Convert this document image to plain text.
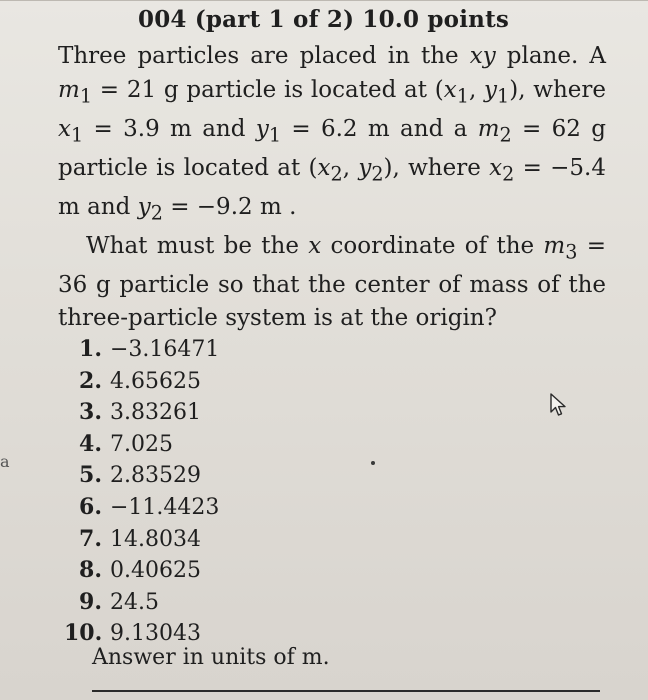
004 (part 1 of 2) 10.0 points

Three particles are placed in the xy plane. A $m_1 = 21$ g particle is located at ($x_1$, $y_1$), where $x_1 = 3.9$ m and $y_1 = 6.2$ m and a $m_2 = 62$ g particle is located at ($x_2$, $y_2$), where $x_2 = -5.4$ m and $y_2 = -9.2$ m .

What must be the x coordinate of the $m_3 = 36$ g particle so that the center of mass of the three-particle system is at the origin?

1. −3.16471
2. 4.65625
3. 3.83261
4. 7.025
5. 2.83529
6. −11.4423
7. 14.8034
8. 0.40625
9. 24.5
10. 9.13043
Answer in units of m.
a
